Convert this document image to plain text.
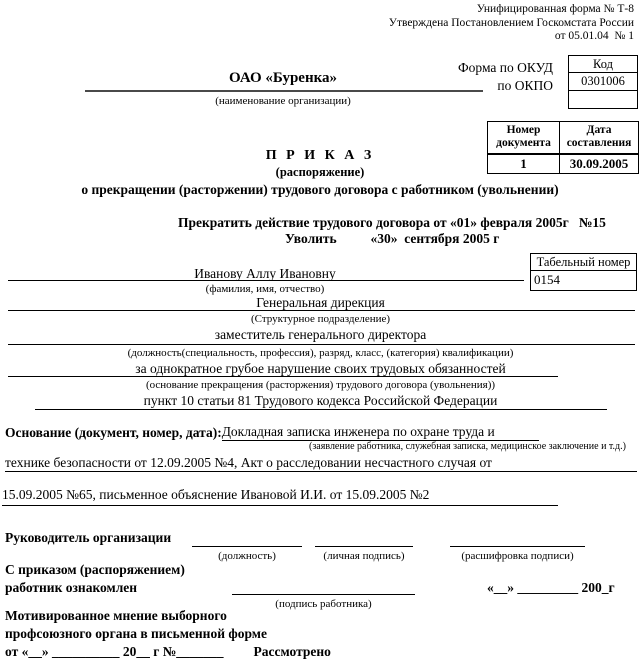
Унифицированная форма № Т-8
Утверждена Постановлением Госкомстата России
от 05.01.04  № 1
ОАО «Буренка»
(наименование организации)
Форма по ОКУД
по ОКПО
Код
0301006
Номер документа	Дата составления
1	30.09.2005
П Р И К А З
(распоряжение)
о прекращении (расторжении) трудового договора с работником (увольнении)
Прекратить действие трудового договора от «01» февраля 2005г   №15
Уволить          «30»  сентября 2005 г
Табельный номер
0154
Иванову Аллу Ивановну
(фамилия, имя, отчество)
Генеральная дирекция
(Структурное подразделение)
заместитель генерального директора
(должность(специальность, профессия), разряд, класс, (категория) квалификации)
за однократное грубое нарушение своих трудовых обязанностей
(основание прекращения (расторжения) трудового договора (увольнения))
пункт 10 статьи 81 Трудового кодекса Российской Федерации
Основание (документ, номер, дата): Докладная записка инженера по охране труда и
(заявление работника, служебная записка, медицинское заключение и т.д.)
технике безопасности от 12.09.2005 №4, Акт о расследовании несчастного случая от
15.09.2005 №65, письменное объяснение Ивановой И.И. от 15.09.2005 №2
Руководитель организации
(должность)	(личная подпись)	(расшифровка подписи)
С приказом (распоряжением)
работник ознакомлен
(подпись работника)
«__» _________ 200_г
Мотивированное мнение выборного
профсоюзного органа в письменной форме
от «__» __________ 20__ г №_______ Рассмотрено
